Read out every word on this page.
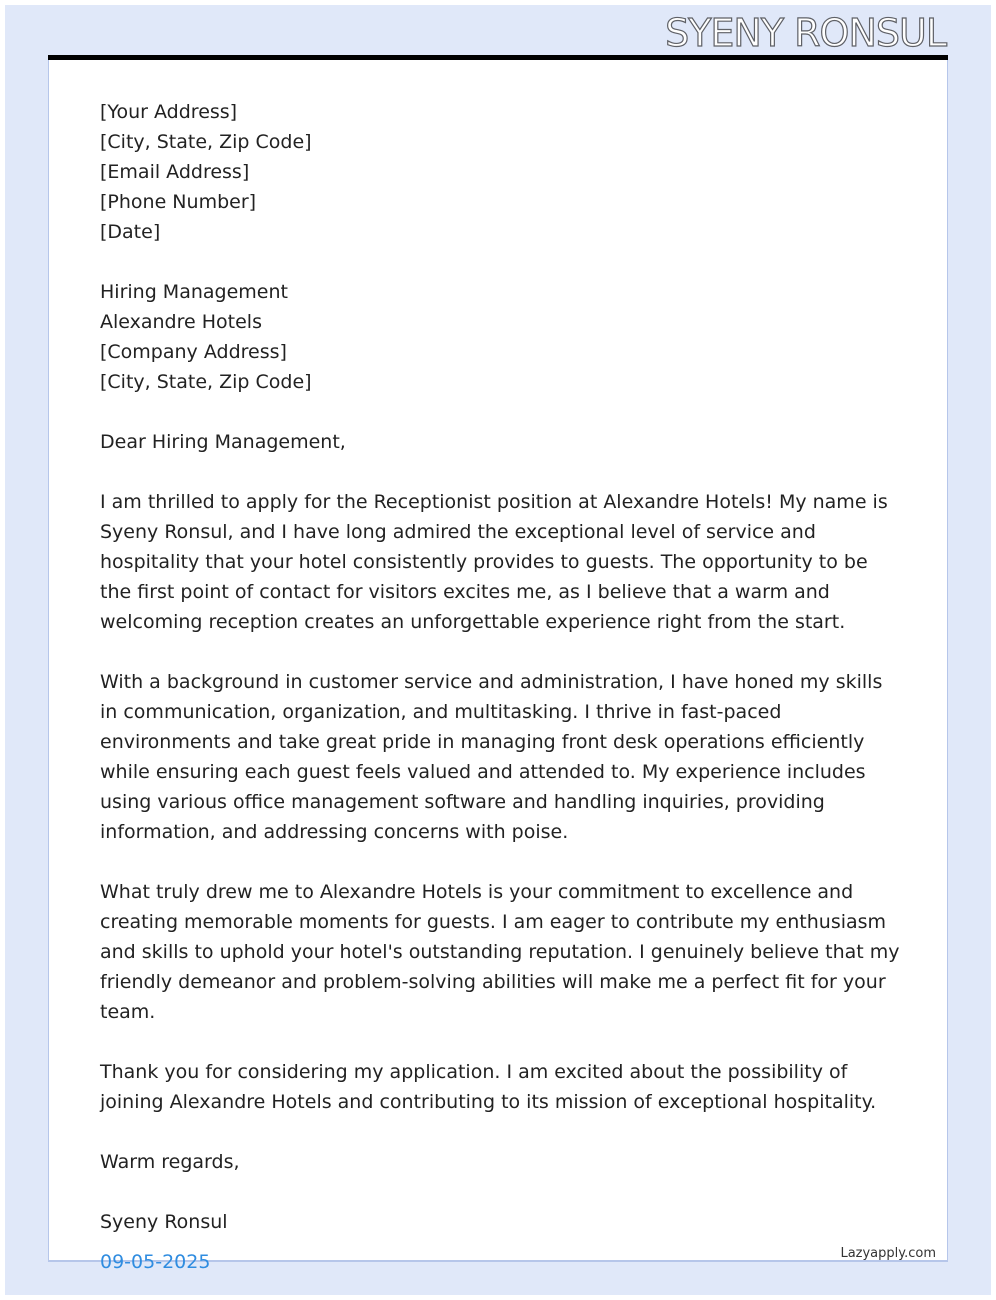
SYENY RONSUL
[Your Address]
[City, State, Zip Code]
[Email Address]
[Phone Number]
[Date]
Hiring Management
Alexandre Hotels
[Company Address]
[City, State, Zip Code]

Dear Hiring Management,

I am thrilled to apply for the Receptionist position at Alexandre Hotels! My name is Syeny Ronsul, and I have long admired the exceptional level of service and hospitality that your hotel consistently provides to guests. The opportunity to be the first point of contact for visitors excites me, as I believe that a warm and welcoming reception creates an unforgettable experience right from the start.

With a background in customer service and administration, I have honed my skills in communication, organization, and multitasking. I thrive in fast-paced environments and take great pride in managing front desk operations efficiently while ensuring each guest feels valued and attended to. My experience includes using various office management software and handling inquiries, providing information, and addressing concerns with poise.

What truly drew me to Alexandre Hotels is your commitment to excellence and creating memorable moments for guests. I am eager to contribute my enthusiasm and skills to uphold your hotel's outstanding reputation. I genuinely believe that my friendly demeanor and problem-solving abilities will make me a perfect fit for your team.

Thank you for considering my application. I am excited about the possibility of joining Alexandre Hotels and contributing to its mission of exceptional hospitality.

Warm regards,

Syeny Ronsul
09-05-2025	Lazyapply.com
